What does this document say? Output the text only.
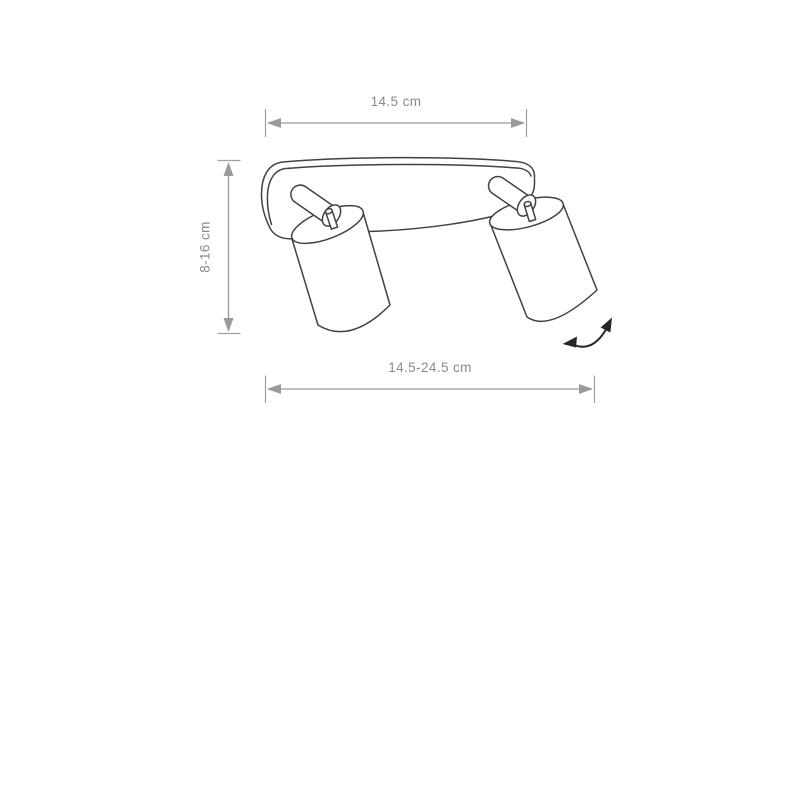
14.5 cm
8-16 cm
14.5-24.5 cm
